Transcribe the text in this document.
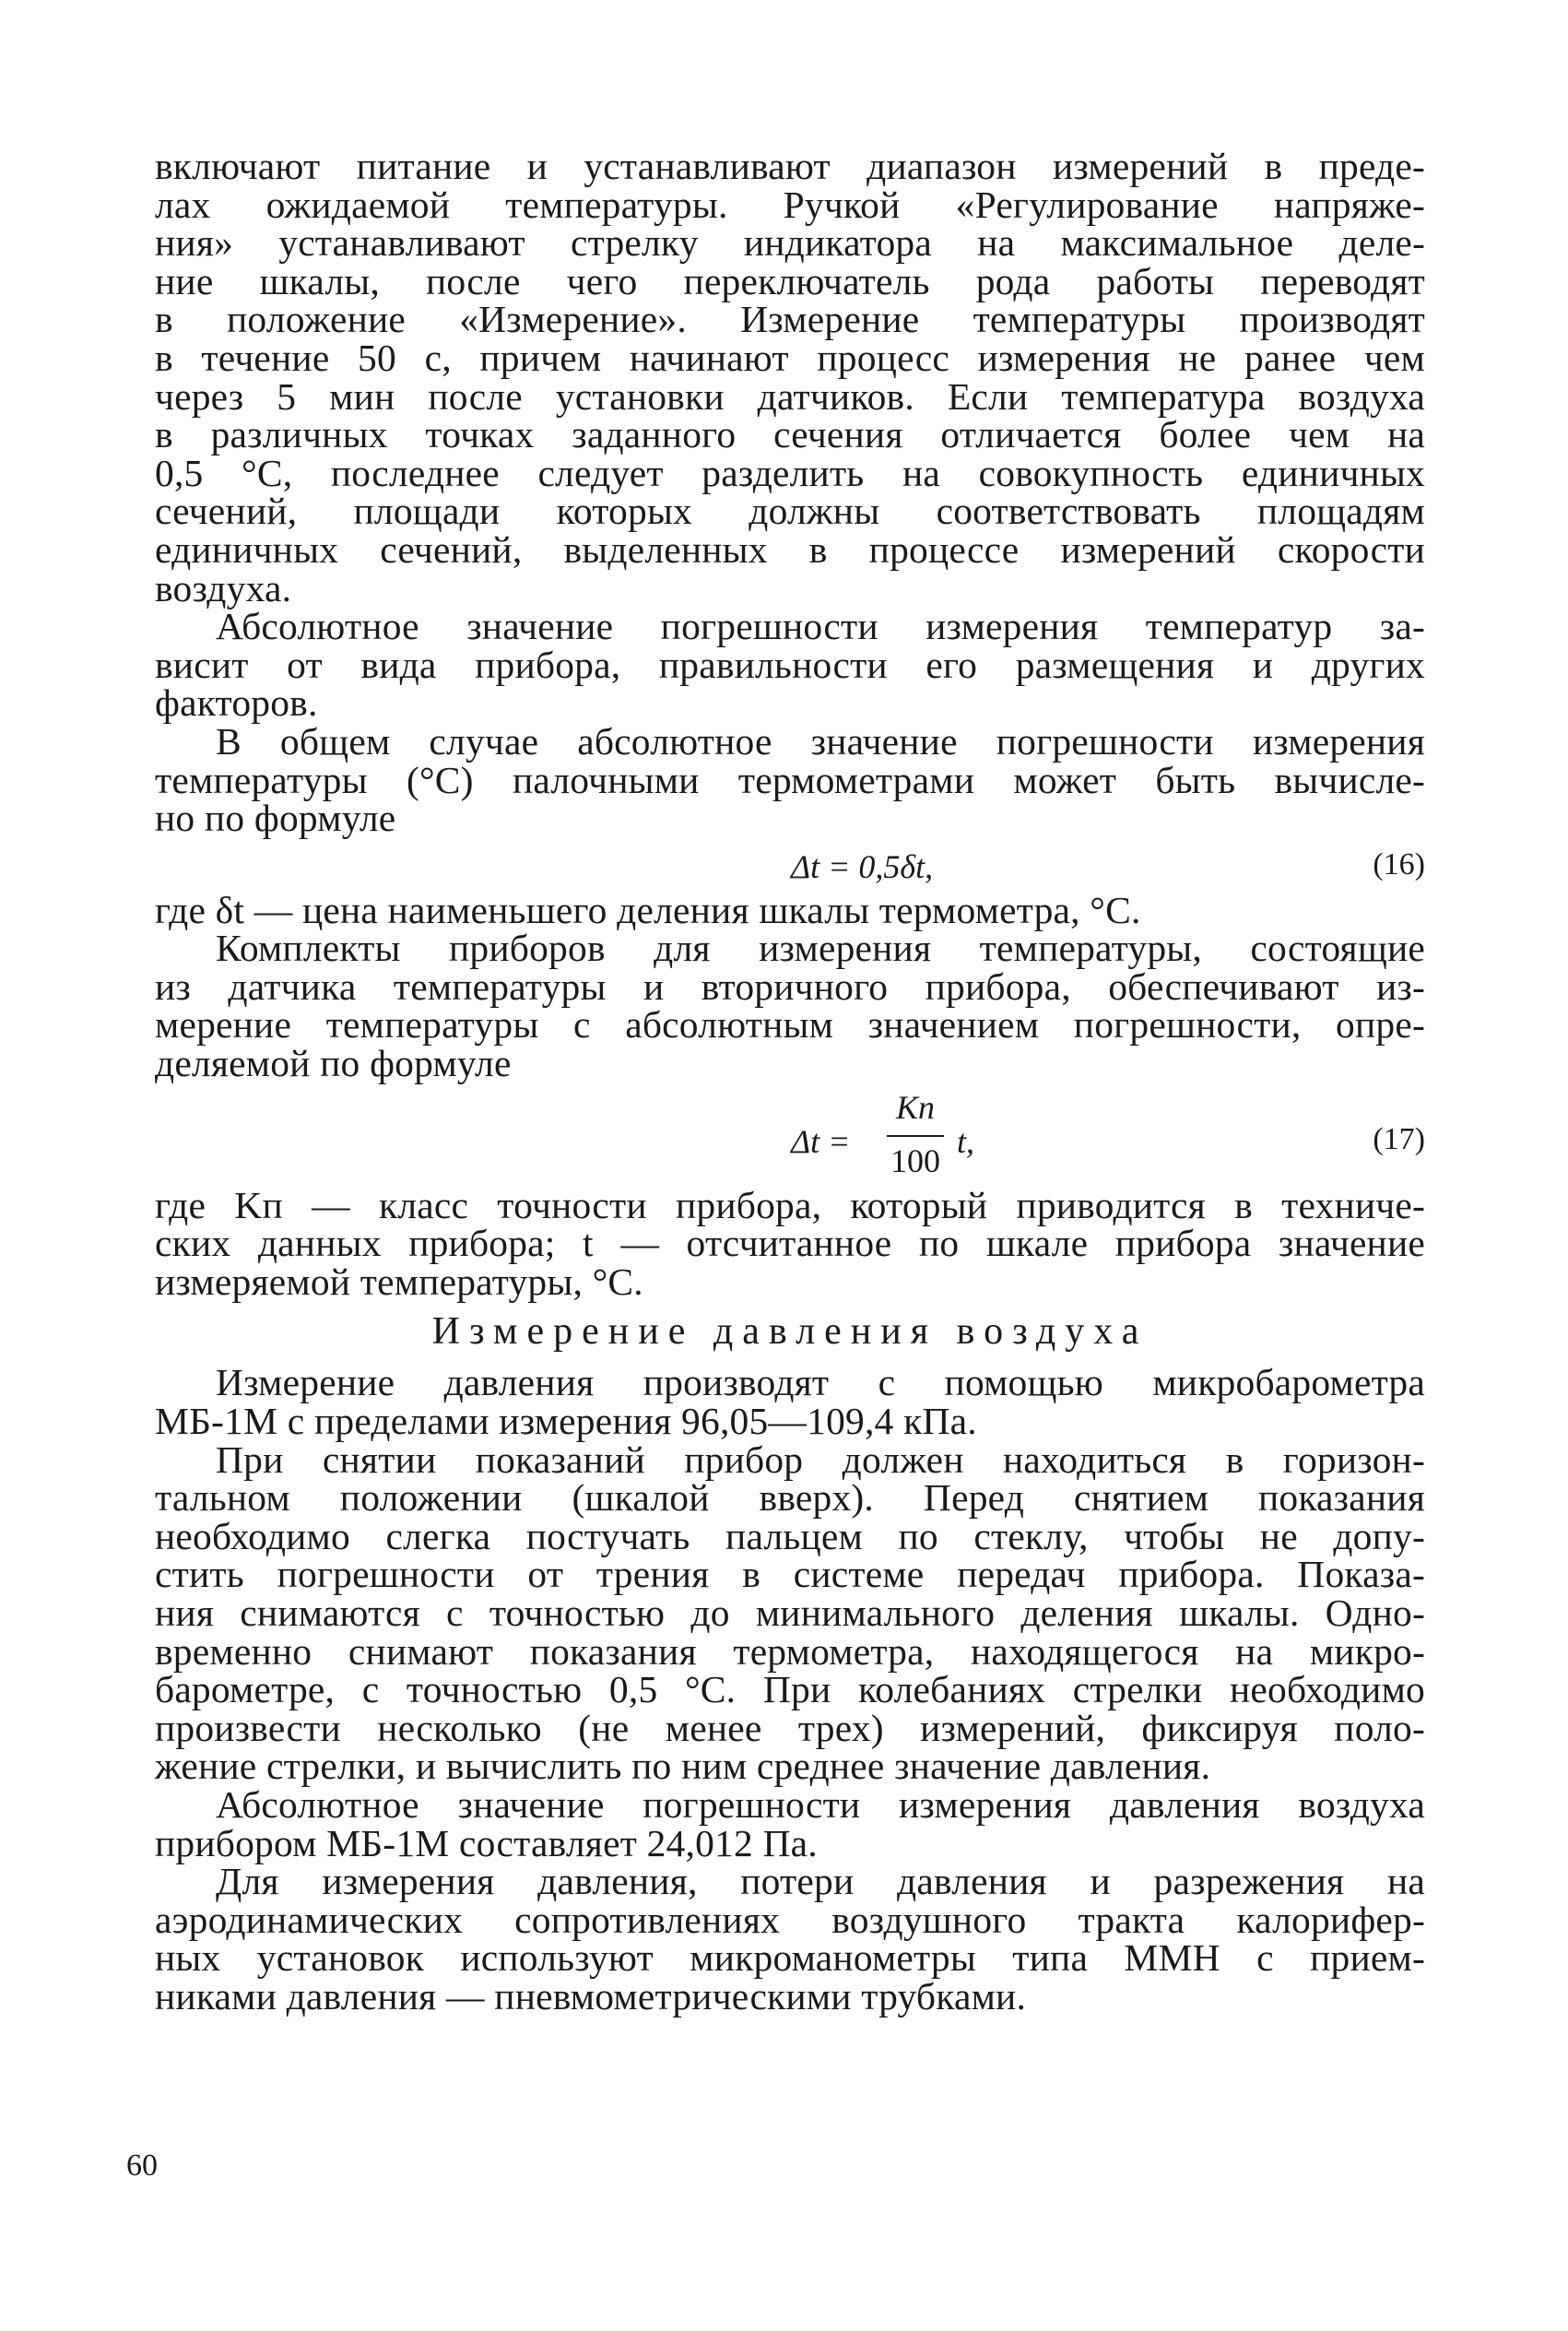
включают питание и устанавливают диапазон измерений в преде-
лах ожидаемой температуры. Ручкой «Регулирование напряже-
ния» устанавливают стрелку индикатора на максимальное деле-
ние шкалы, после чего переключатель рода работы переводят
в положение «Измерение». Измерение температуры производят
в течение 50 с, причем начинают процесс измерения не ранее чем
через 5 мин после установки датчиков. Если температура воздуха
в различных точках заданного сечения отличается более чем на
0,5 °С, последнее следует разделить на совокупность единичных
сечений, площади которых должны соответствовать площадям
единичных сечений, выделенных в процессе измерений скорости
воздуха.
Абсолютное значение погрешности измерения температур за-
висит от вида прибора, правильности его размещения и других
факторов.
В общем случае абсолютное значение погрешности измерения
температуры (°С) палочными термометрами может быть вычисле-
но по формуле
Δt = 0,5δt,	(16)
где δt — цена наименьшего деления шкалы термометра, °С.
Комплекты приборов для измерения температуры, состоящие
из датчика температуры и вторичного прибора, обеспечивают из-
мерение температуры с абсолютным значением погрешности, опре-
деляемой по формуле
Δt =
Kп
100
t,	(17)
где Kп — класс точности прибора, который приводится в техниче-
ских данных прибора; t — отсчитанное по шкале прибора значение
измеряемой температуры, °С.
Измерение давления воздуха
Измерение давления производят с помощью микробарометра
МБ-1М с пределами измерения 96,05—109,4 кПа.
При снятии показаний прибор должен находиться в горизон-
тальном положении (шкалой вверх). Перед снятием показания
необходимо слегка постучать пальцем по стеклу, чтобы не допу-
стить погрешности от трения в системе передач прибора. Показа-
ния снимаются с точностью до минимального деления шкалы. Одно-
временно снимают показания термометра, находящегося на микро-
барометре, с точностью 0,5 °С. При колебаниях стрелки необходимо
произвести несколько (не менее трех) измерений, фиксируя поло-
жение стрелки, и вычислить по ним среднее значение давления.
Абсолютное значение погрешности измерения давления воздуха
прибором МБ-1М составляет 24,012 Па.
Для измерения давления, потери давления и разрежения на
аэродинамических сопротивлениях воздушного тракта калорифер-
ных установок используют микроманометры типа ММН с прием-
никами давления — пневмометрическими трубками.
60
